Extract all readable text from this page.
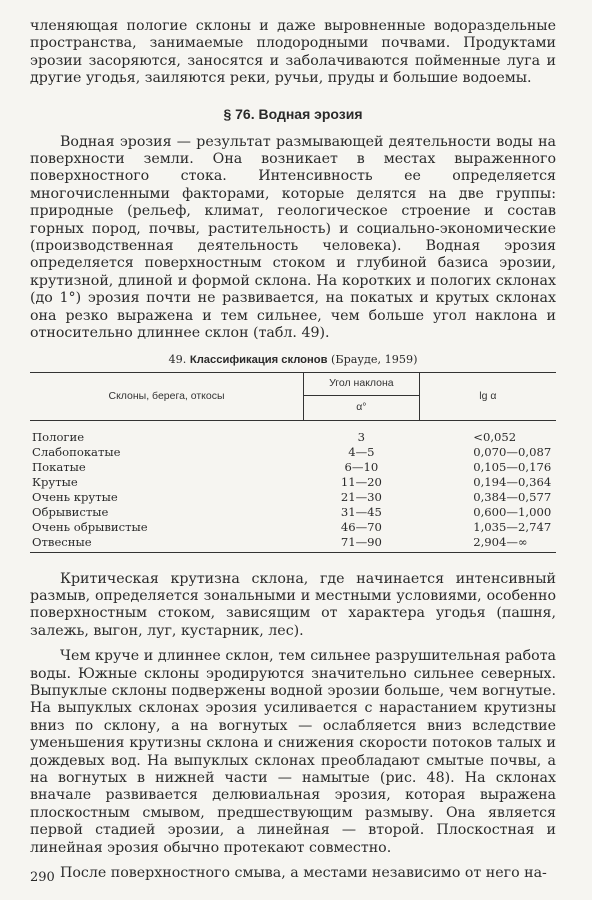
членяющая пологие склоны и даже выровненные водораздельные пространства, занимаемые плодородными почвами. Продуктами эрозии засоряются, заносятся и заболачиваются пойменные луга и другие угодья, заиляются реки, ручьи, пруды и большие водоемы.

§ 76. Водная эрозия

Водная эрозия — результат размывающей деятельности воды на поверхности земли. Она возникает в местах выраженного поверхностного стока. Интенсивность ее определяется многочисленными факторами, которые делятся на две группы: природные (рельеф, климат, геологическое строение и состав горных пород, почвы, растительность) и социально-экономические (производственная деятельность человека). Водная эрозия определяется поверхностным стоком и глубиной базиса эрозии, крутизной, длиной и формой склона. На коротких и пологих склонах (до 1°) эрозия почти не развивается, на покатых и крутых склонах она резко выражена и тем сильнее, чем больше угол наклона и относительно длиннее склон (табл. 49).

49. Классификация склонов (Брауде, 1959)
Склоны, берега, откосы	Угол наклона	lg α
	α°	
Пологие	3	<0,052
Слабопокатые	4—5	0,070—0,087
Покатые	6—10	0,105—0,176
Крутые	11—20	0,194—0,364
Очень крутые	21—30	0,384—0,577
Обрывистые	31—45	0,600—1,000
Очень обрывистые	46—70	1,035—2,747
Отвесные	71—90	2,904—∞

Критическая крутизна склона, где начинается интенсивный размыв, определяется зональными и местными условиями, особенно поверхностным стоком, зависящим от характера угодья (пашня, залежь, выгон, луг, кустарник, лес).

Чем круче и длиннее склон, тем сильнее разрушительная работа воды. Южные склоны эродируются значительно сильнее северных. Выпуклые склоны подвержены водной эрозии больше, чем вогнутые. На выпуклых склонах эрозия усиливается с нарастанием крутизны вниз по склону, а на вогнутых — ослабляется вниз вследствие уменьшения крутизны склона и снижения скорости потоков талых и дождевых вод. На выпуклых склонах преобладают смытые почвы, а на вогнутых в нижней части — намытые (рис. 48). На склонах вначале развивается делювиальная эрозия, которая выражена плоскостным смывом, предшествующим размыву. Она является первой стадией эрозии, а линейная — второй. Плоскостная и линейная эрозия обычно протекают совместно.

После поверхностного смыва, а местами независимо от него на-

290
